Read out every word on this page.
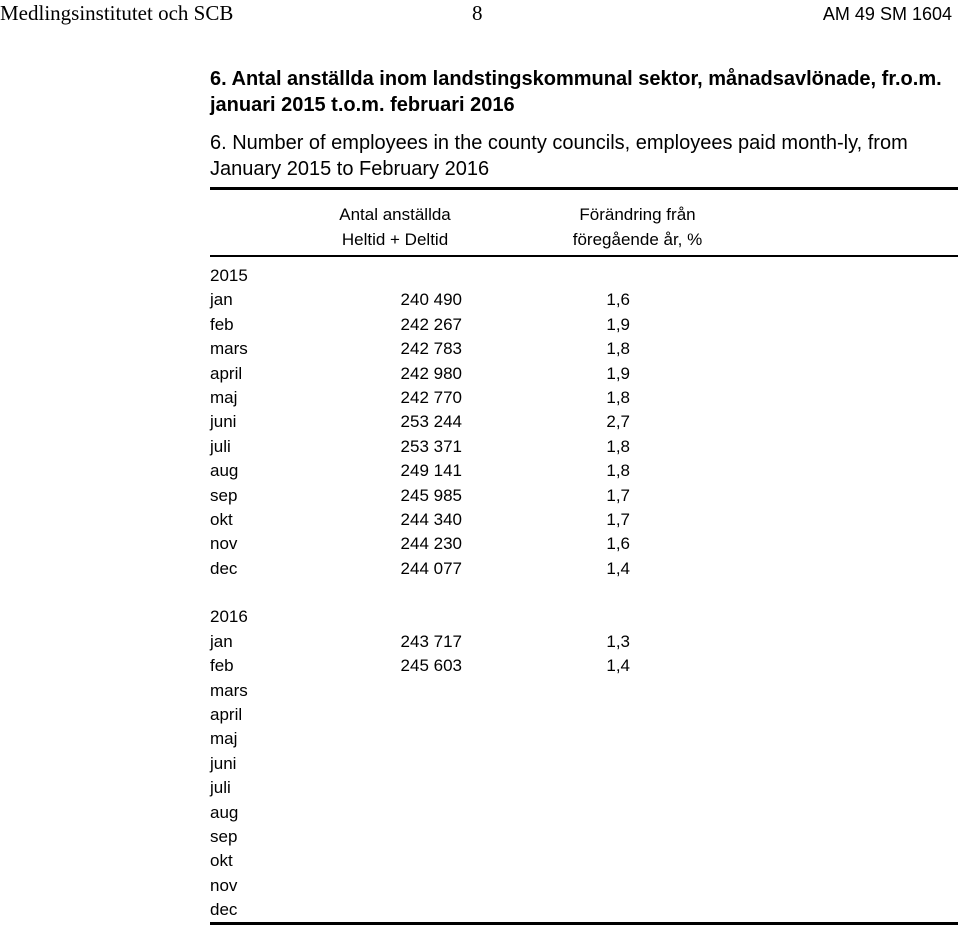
Medlingsinstitutet och SCB	8	AM 49 SM 1604
6. Antal anställda inom landstingskommunal sektor, månadsavlönade, fr.o.m. januari 2015 t.o.m. februari 2016
6. Number of employees in the county councils, employees paid month-ly, from January 2015 to February 2016
Antal anställda
Heltid + Deltid
Förändring från
föregående år, %
2015
jan	240 490	1,6
feb	242 267	1,9
mars	242 783	1,8
april	242 980	1,9
maj	242 770	1,8
juni	253 244	2,7
juli	253 371	1,8
aug	249 141	1,8
sep	245 985	1,7
okt	244 340	1,7
nov	244 230	1,6
dec	244 077	1,4
2016
jan	243 717	1,3
feb	245 603	1,4
mars
april
maj
juni
juli
aug
sep
okt
nov
dec
